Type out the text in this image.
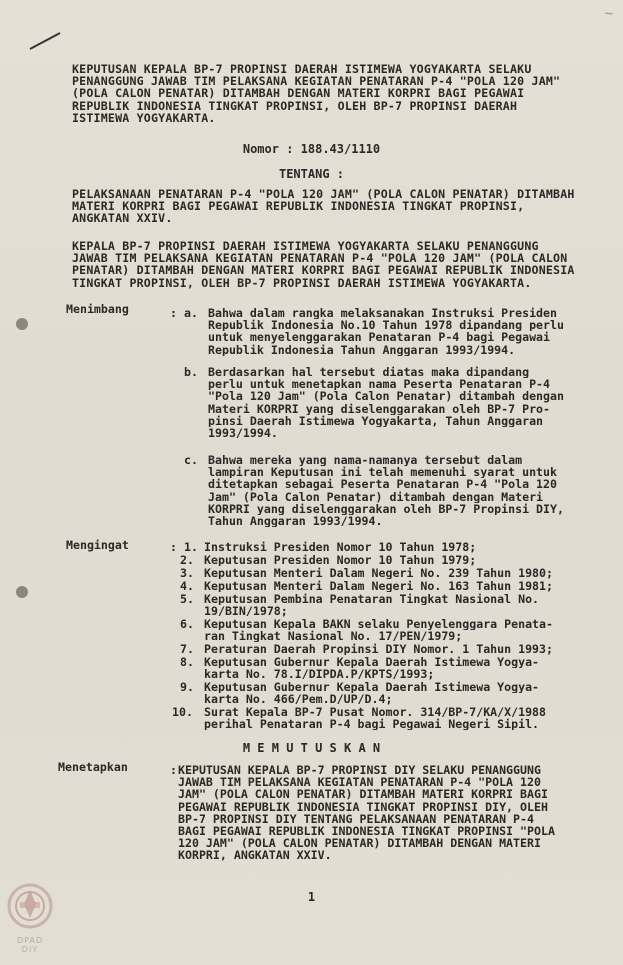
~
KEPUTUSAN KEPALA BP-7 PROPINSI DAERAH ISTIMEWA YOGYAKARTA SELAKU
PENANGGUNG JAWAB TIM PELAKSANA KEGIATAN PENATARAN P-4 "POLA 120 JAM"
(POLA CALON PENATAR) DITAMBAH DENGAN MATERI KORPRI BAGI PEGAWAI
REPUBLIK INDONESIA TINGKAT PROPINSI, OLEH BP-7 PROPINSI DAERAH
ISTIMEWA YOGYAKARTA.
Nomor : 188.43/1110
TENTANG :
PELAKSANAAN PENATARAN P-4 "POLA 120 JAM" (POLA CALON PENATAR) DITAMBAH
MATERI KORPRI BAGI PEGAWAI REPUBLIK INDONESIA TINGKAT PROPINSI,
ANGKATAN XXIV.
KEPALA BP-7 PROPINSI DAERAH ISTIMEWA YOGYAKARTA SELAKU PENANGGUNG
JAWAB TIM PELAKSANA KEGIATAN PENATARAN P-4 "POLA 120 JAM" (POLA CALON
PENATAR) DITAMBAH DENGAN MATERI KORPRI BAGI PEGAWAI REPUBLIK INDONESIA
TINGKAT PROPINSI, OLEH BP-7 PROPINSI DAERAH ISTIMEWA YOGYAKARTA.
Menimbang	: a. Bahwa dalam rangka melaksanakan Instruksi Presiden
Republik Indonesia No.10 Tahun 1978 dipandang perlu
untuk menyelenggarakan Penataran P-4 bagi Pegawai
Republik Indonesia Tahun Anggaran 1993/1994.
b. Berdasarkan hal tersebut diatas maka dipandang
perlu untuk menetapkan nama Peserta Penataran P-4
"Pola 120 Jam" (Pola Calon Penatar) ditambah dengan
Materi KORPRI yang diselenggarakan oleh BP-7 Pro-
pinsi Daerah Istimewa Yogyakarta, Tahun Anggaran
1993/1994.
c. Bahwa mereka yang nama-namanya tersebut dalam
lampiran Keputusan ini telah memenuhi syarat untuk
ditetapkan sebagai Peserta Penataran P-4 "Pola 120
Jam" (Pola Calon Penatar) ditambah dengan Materi
KORPRI yang diselenggarakan oleh BP-7 Propinsi DIY,
Tahun Anggaran 1993/1994.
Mengingat	: 1. Instruksi Presiden Nomor 10 Tahun 1978;
2. Keputusan Presiden Nomor 10 Tahun 1979;
3. Keputusan Menteri Dalam Negeri No. 239 Tahun 1980;
4. Keputusan Menteri Dalam Negeri No. 163 Tahun 1981;
5. Keputusan Pembina Penataran Tingkat Nasional No.
19/BIN/1978;
6. Keputusan Kepala BAKN selaku Penyelenggara Penata-
ran Tingkat Nasional No. 17/PEN/1979;
7. Peraturan Daerah Propinsi DIY Nomor. 1 Tahun 1993;
8. Keputusan Gubernur Kepala Daerah Istimewa Yogya-
karta No. 78.I/DIPDA.P/KPTS/1993;
9. Keputusan Gubernur Kepala Daerah Istimewa Yogya-
karta No. 466/Pem.D/UP/D.4;
10. Surat Kepala BP-7 Pusat Nomor. 314/BP-7/KA/X/1988
perihal Penataran P-4 bagi Pegawai Negeri Sipil.
M E M U T U S K A N
Menetapkan	: KEPUTUSAN KEPALA BP-7 PROPINSI DIY SELAKU PENANGGUNG
JAWAB TIM PELAKSANA KEGIATAN PENATARAN P-4 "POLA 120
JAM" (POLA CALON PENATAR) DITAMBAH MATERI KORPRI BAGI
PEGAWAI REPUBLIK INDONESIA TINGKAT PROPINSI DIY, OLEH
BP-7 PROPINSI DIY TENTANG PELAKSANAAN PENATARAN P-4
BAGI PEGAWAI REPUBLIK INDONESIA TINGKAT PROPINSI "POLA
120 JAM" (POLA CALON PENATAR) DITAMBAH DENGAN MATERI
KORPRI, ANGKATAN XXIV.
1
DPAD DIY
